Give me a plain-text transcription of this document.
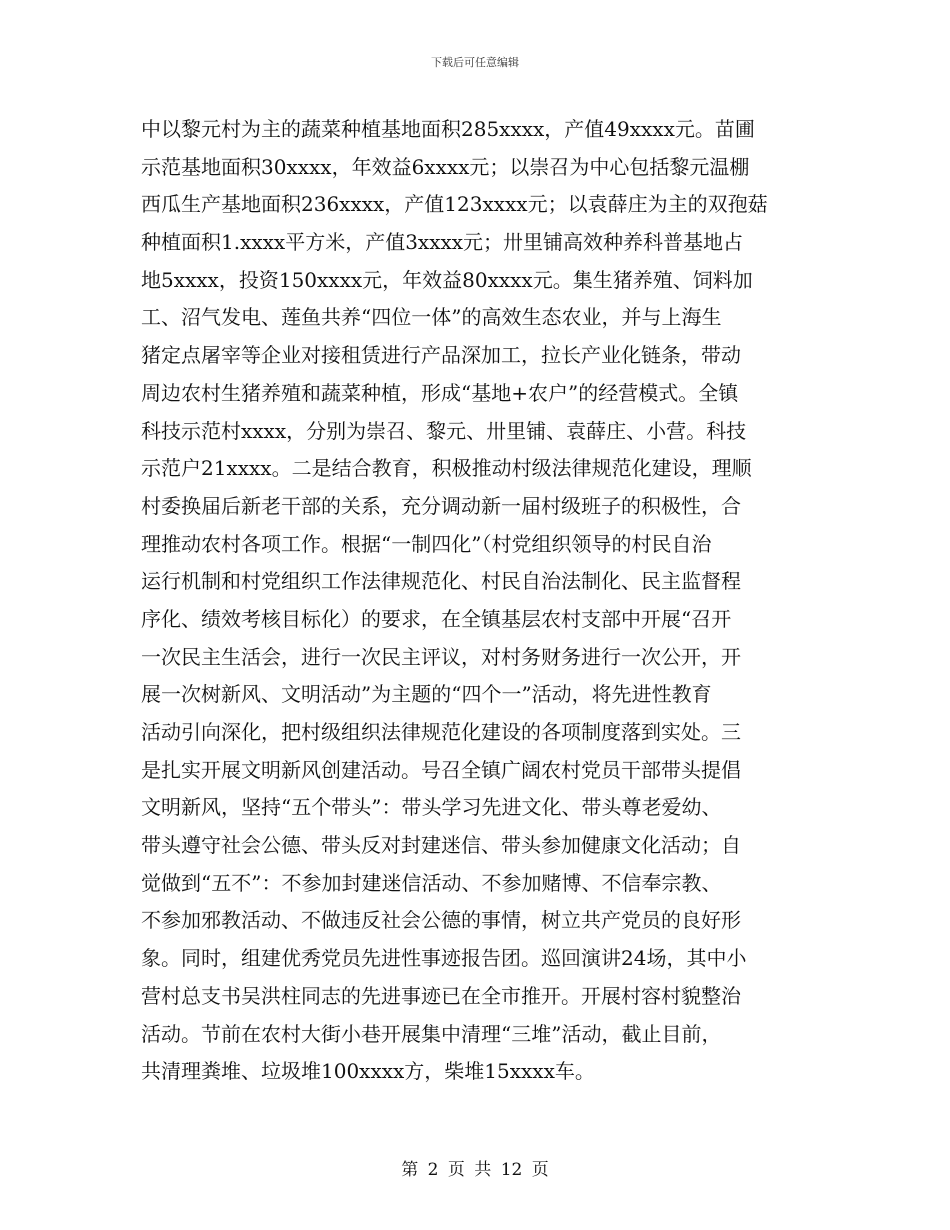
下载后可任意编辑
中以黎元村为主的蔬菜种植基地面积285xxxx，产值49xxxx元。苗圃
示范基地面积30xxxx，年效益6xxxx元；以崇召为中心包括黎元温棚
西瓜生产基地面积236xxxx，产值123xxxx元；以袁薛庄为主的双孢菇
种植面积1.xxxx平方米，产值3xxxx元；卅里铺高效种养科普基地占
地5xxxx，投资150xxxx元，年效益80xxxx元。集生猪养殖、饲料加
工、沼气发电、莲鱼共养“四位一体”的高效生态农业，并与上海生
猪定点屠宰等企业对接租赁进行产品深加工，拉长产业化链条，带动
周边农村生猪养殖和蔬菜种植，形成“基地+农户”的经营模式。全镇
科技示范村xxxx，分别为崇召、黎元、卅里铺、袁薛庄、小营。科技
示范户21xxxx。二是结合教育，积极推动村级法律规范化建设，理顺
村委换届后新老干部的关系，充分调动新一届村级班子的积极性，合
理推动农村各项工作。根据“一制四化”（村党组织领导的村民自治
运行机制和村党组织工作法律规范化、村民自治法制化、民主监督程
序化、绩效考核目标化）的要求，在全镇基层农村支部中开展“召开
一次民主生活会，进行一次民主评议，对村务财务进行一次公开，开
展一次树新风、文明活动”为主题的“四个一”活动，将先进性教育
活动引向深化，把村级组织法律规范化建设的各项制度落到实处。三
是扎实开展文明新风创建活动。号召全镇广阔农村党员干部带头提倡
文明新风，坚持“五个带头”：带头学习先进文化、带头尊老爱幼、
带头遵守社会公德、带头反对封建迷信、带头参加健康文化活动；自
觉做到“五不”：不参加封建迷信活动、不参加赌博、不信奉宗教、
不参加邪教活动、不做违反社会公德的事情，树立共产党员的良好形
象。同时，组建优秀党员先进性事迹报告团。巡回演讲24场，其中小
营村总支书吴洪柱同志的先进事迹已在全市推开。开展村容村貌整治
活动。节前在农村大街小巷开展集中清理“三堆”活动，截止目前，
共清理粪堆、垃圾堆100xxxx方，柴堆15xxxx车。
第 2 页 共 12 页
